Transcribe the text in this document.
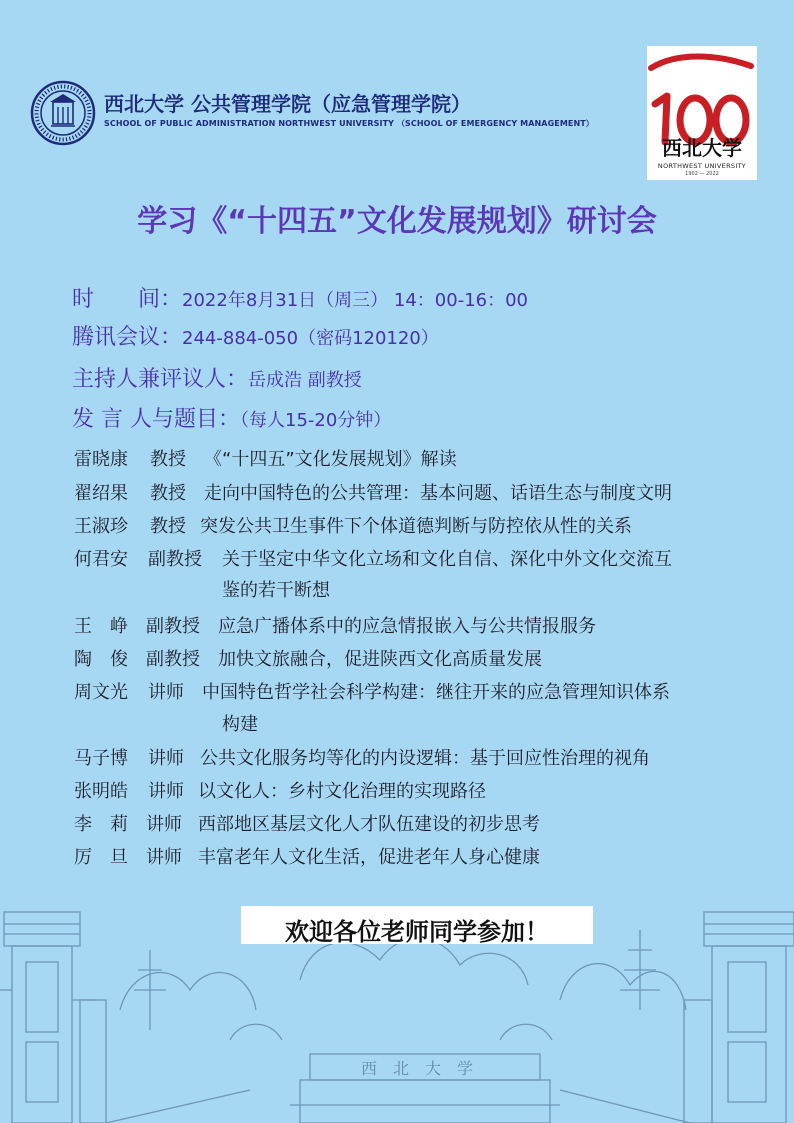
西北大学 公共管理学院（应急管理学院）
SCHOOL OF PUBLIC ADMINISTRATION NORTHWEST UNIVERSITY （SCHOOL OF EMERGENCY MANAGEMENT）
西北大学
NORTHWEST UNIVERSITY
1902 — 2022
学习《“十四五”文化发展规划》研讨会
时　　间：2022年8月31日（周三） 14：00-16：00
腾讯会议：244-884-050（密码120120）
主持人兼评议人：岳成浩 副教授
发 言 人与题目：（每人15-20分钟）
雷晓康 教授 《“十四五”文化发展规划》解读
翟绍果 教授 走向中国特色的公共管理：基本问题、话语生态与制度文明
王淑珍 教授 突发公共卫生事件下个体道德判断与防控依从性的关系
何君安 副教授 关于坚定中华文化立场和文化自信、深化中外文化交流互
鉴的若干断想
王　峥 副教授 应急广播体系中的应急情报嵌入与公共情报服务
陶　俊 副教授 加快文旅融合，促进陕西文化高质量发展
周文光 讲师 中国特色哲学社会科学构建：继往开来的应急管理知识体系
构建
马子博 讲师 公共文化服务均等化的内设逻辑：基于回应性治理的视角
张明皓 讲师 以文化人：乡村文化治理的实现路径
李　莉 讲师 西部地区基层文化人才队伍建设的初步思考
厉　旦 讲师 丰富老年人文化生活，促进老年人身心健康
西北大学
欢迎各位老师同学参加！
